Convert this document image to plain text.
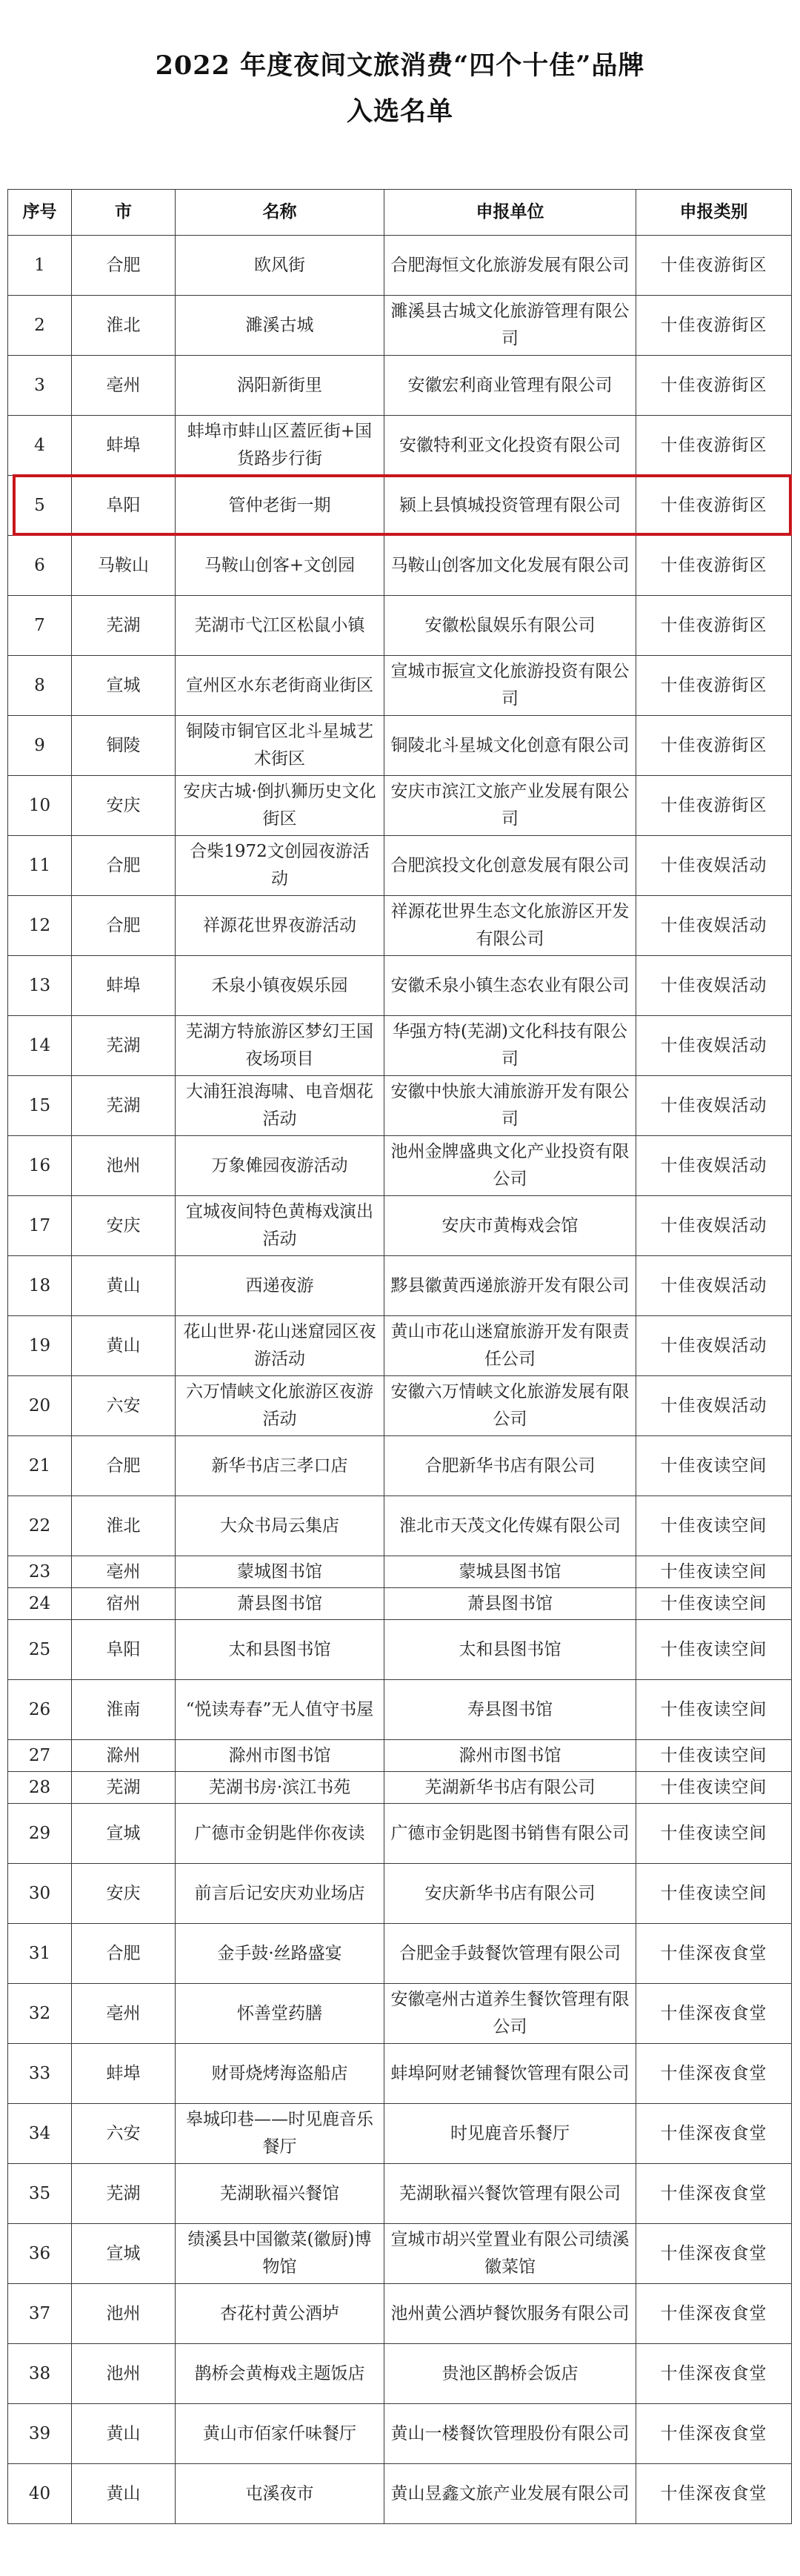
2022 年度夜间文旅消费“四个十佳”品牌

入选名单

序号	市	名称	申报单位	申报类别
1	合肥	欧风街	合肥海恒文化旅游发展有限公司	十佳夜游街区
2	淮北	濉溪古城	濉溪县古城文化旅游管理有限公司	十佳夜游街区
3	亳州	涡阳新街里	安徽宏利商业管理有限公司	十佳夜游街区
4	蚌埠	蚌埠市蚌山区蓋匠街+国货路步行街	安徽特利亚文化投资有限公司	十佳夜游街区
5	阜阳	管仲老街一期	颍上县慎城投资管理有限公司	十佳夜游街区
6	马鞍山	马鞍山创客+文创园	马鞍山创客加文化发展有限公司	十佳夜游街区
7	芜湖	芜湖市弋江区松鼠小镇	安徽松鼠娱乐有限公司	十佳夜游街区
8	宣城	宣州区水东老街商业街区	宣城市振宣文化旅游投资有限公司	十佳夜游街区
9	铜陵	铜陵市铜官区北斗星城艺术街区	铜陵北斗星城文化创意有限公司	十佳夜游街区
10	安庆	安庆古城·倒扒狮历史文化街区	安庆市滨江文旅产业发展有限公司	十佳夜游街区
11	合肥	合柴1972文创园夜游活动	合肥滨投文化创意发展有限公司	十佳夜娱活动
12	合肥	祥源花世界夜游活动	祥源花世界生态文化旅游区开发有限公司	十佳夜娱活动
13	蚌埠	禾泉小镇夜娱乐园	安徽禾泉小镇生态农业有限公司	十佳夜娱活动
14	芜湖	芜湖方特旅游区梦幻王国夜场项目	华强方特(芜湖)文化科技有限公司	十佳夜娱活动
15	芜湖	大浦狂浪海啸、电音烟花活动	安徽中快旅大浦旅游开发有限公司	十佳夜娱活动
16	池州	万象傩园夜游活动	池州金牌盛典文化产业投资有限公司	十佳夜娱活动
17	安庆	宜城夜间特色黄梅戏演出活动	安庆市黄梅戏会馆	十佳夜娱活动
18	黄山	西递夜游	黟县徽黄西递旅游开发有限公司	十佳夜娱活动
19	黄山	花山世界·花山迷窟园区夜游活动	黄山市花山迷窟旅游开发有限责任公司	十佳夜娱活动
20	六安	六万情峡文化旅游区夜游活动	安徽六万情峡文化旅游发展有限公司	十佳夜娱活动
21	合肥	新华书店三孝口店	合肥新华书店有限公司	十佳夜读空间
22	淮北	大众书局云集店	淮北市天茂文化传媒有限公司	十佳夜读空间
23	亳州	蒙城图书馆	蒙城县图书馆	十佳夜读空间
24	宿州	萧县图书馆	萧县图书馆	十佳夜读空间
25	阜阳	太和县图书馆	太和县图书馆	十佳夜读空间
26	淮南	“悦读寿春”无人值守书屋	寿县图书馆	十佳夜读空间
27	滁州	滁州市图书馆	滁州市图书馆	十佳夜读空间
28	芜湖	芜湖书房·滨江书苑	芜湖新华书店有限公司	十佳夜读空间
29	宣城	广德市金钥匙伴你夜读	广德市金钥匙图书销售有限公司	十佳夜读空间
30	安庆	前言后记安庆劝业场店	安庆新华书店有限公司	十佳夜读空间
31	合肥	金手鼓·丝路盛宴	合肥金手鼓餐饮管理有限公司	十佳深夜食堂
32	亳州	怀善堂药膳	安徽亳州古道养生餐饮管理有限公司	十佳深夜食堂
33	蚌埠	财哥烧烤海盗船店	蚌埠阿财老铺餐饮管理有限公司	十佳深夜食堂
34	六安	皋城印巷——时见鹿音乐餐厅	时见鹿音乐餐厅	十佳深夜食堂
35	芜湖	芜湖耿福兴餐馆	芜湖耿福兴餐饮管理有限公司	十佳深夜食堂
36	宣城	绩溪县中国徽菜(徽厨)博物馆	宣城市胡兴堂置业有限公司绩溪徽菜馆	十佳深夜食堂
37	池州	杏花村黄公酒垆	池州黄公酒垆餐饮服务有限公司	十佳深夜食堂
38	池州	鹊桥会黄梅戏主题饭店	贵池区鹊桥会饭店	十佳深夜食堂
39	黄山	黄山市佰家仟味餐厅	黄山一楼餐饮管理股份有限公司	十佳深夜食堂
40	黄山	屯溪夜市	黄山昱鑫文旅产业发展有限公司	十佳深夜食堂
